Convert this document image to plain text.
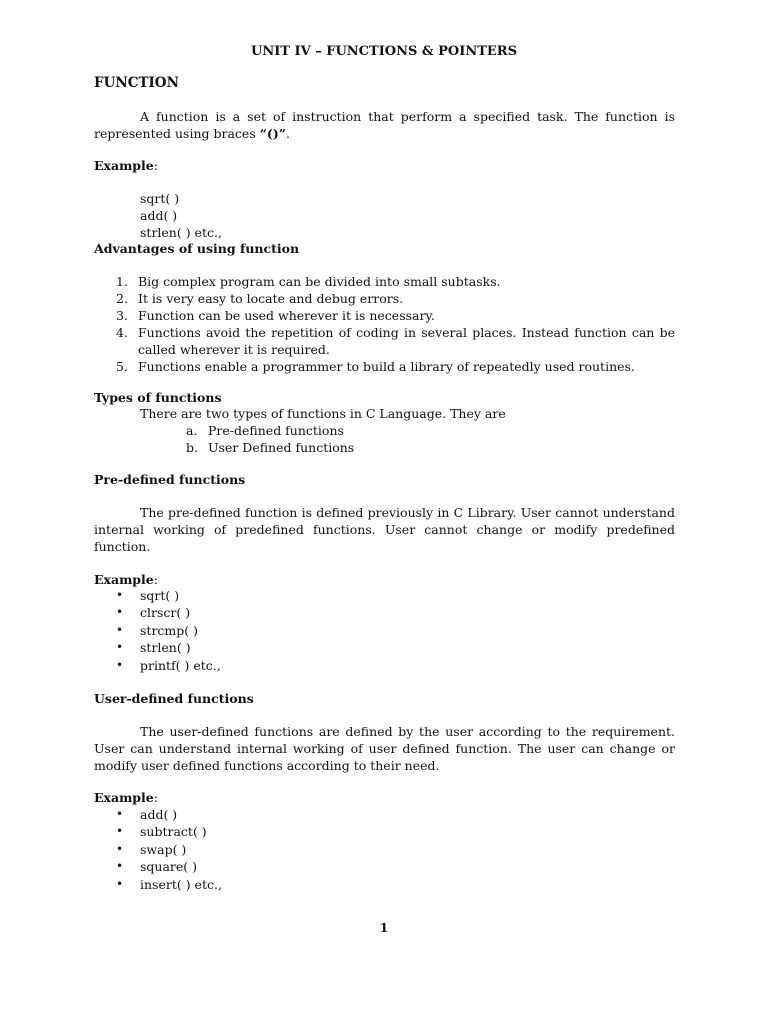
UNIT IV – FUNCTIONS & POINTERS
FUNCTION

A function is a set of instruction that perform a specified task. The function is represented using braces “()”.

Example:
sqrt( )
add( )
strlen( ) etc.,
Advantages of using function
1. Big complex program can be divided into small subtasks.
2. It is very easy to locate and debug errors.
3. Function can be used wherever it is necessary.
4. Functions avoid the repetition of coding in several places. Instead function can be called wherever it is required.
5. Functions enable a programmer to build a library of repeatedly used routines.
Types of functions
There are two types of functions in C Language. They are
a. Pre-defined functions
b. User Defined functions
Pre-defined functions

The pre-defined function is defined previously in C Library. User cannot understand internal working of predefined functions. User cannot change or modify predefined function.

Example:
• sqrt( )
• clrscr( )
• strcmp( )
• strlen( )
• printf( ) etc.,
User-defined functions

The user-defined functions are defined by the user according to the requirement. User can understand internal working of user defined function. The user can change or modify user defined functions according to their need.

Example:
• add( )
• subtract( )
• swap( )
• square( )
• insert( ) etc.,
1
